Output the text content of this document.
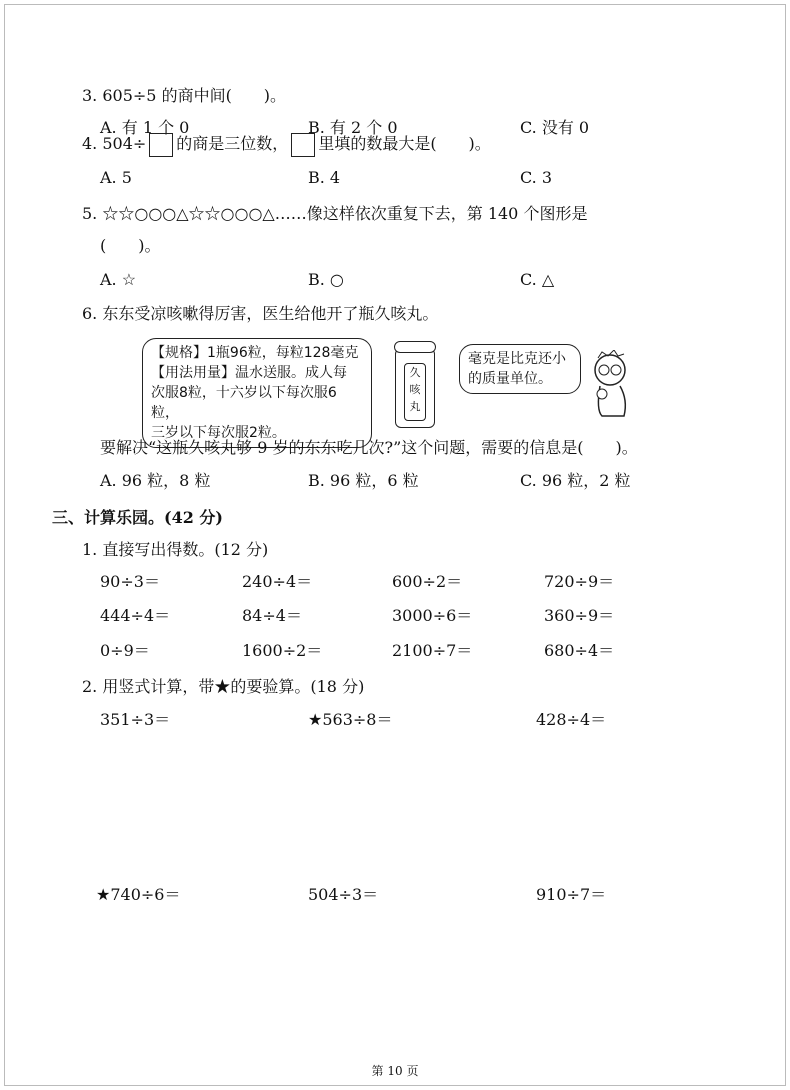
3. 605÷5 的商中间(　　)。
A. 有 1 个 0	B. 有 2 个 0	C. 没有 0
4. 504÷ 的商是三位数， 里填的数最大是(　　)。
A. 5	B. 4	C. 3
5. ☆☆○○○△☆☆○○○△……像这样依次重复下去，第 140 个图形是
(　　)。
A. ☆	B. ○	C. △
6. 东东受凉咳嗽得厉害，医生给他开了瓶久咳丸。
【规格】1瓶96粒，每粒128毫克
【用法用量】温水送服。成人每
次服8粒，十六岁以下每次服6粒，
三岁以下每次服2粒。
久
咳
丸
毫克是比克还小
的质量单位。
要解决“这瓶久咳丸够 9 岁的东东吃几次?”这个问题，需要的信息是(　　)。
A. 96 粒，8 粒	B. 96 粒，6 粒	C. 96 粒，2 粒
三、计算乐园。(42 分)
1. 直接写出得数。(12 分)
90÷3＝	240÷4＝	600÷2＝	720÷9＝
444÷4＝	84÷4＝	3000÷6＝	360÷9＝
0÷9＝	1600÷2＝	2100÷7＝	680÷4＝
2. 用竖式计算，带★的要验算。(18 分)
351÷3＝	★563÷8＝	428÷4＝
★740÷6＝	504÷3＝	910÷7＝
第 10 页
